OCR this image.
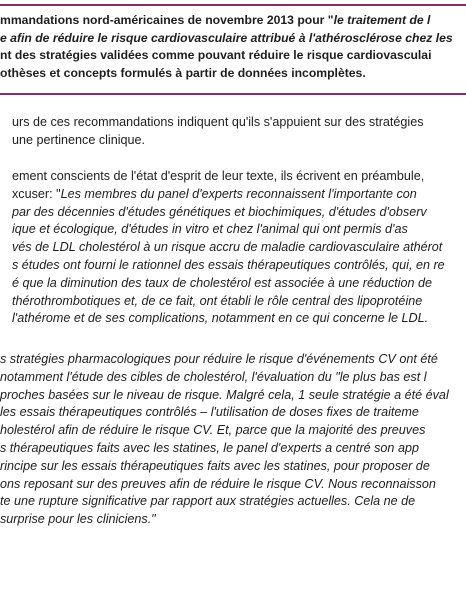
mmandations nord-américaines de novembre 2013 pour "le traitement de l
e afin de réduire le risque cardiovasculaire attribué à l'athérosclérose chez les
nt des stratégies validées comme pouvant réduire le risque cardiovasculai
othèses et concepts formulés à partir de données incomplètes.
urs de ces recommandations indiquent qu'ils s'appuient sur des stratégies
une pertinence clinique.
ement conscients de l'état d'esprit de leur texte, ils écrivent en préambule,
xcuser: "Les membres du panel d'experts reconnaissent l'importante con
par des décennies d'études génétiques et biochimiques, d'études d'observ
ique et écologique, d'études in vitro et chez l'animal qui ont permis d'as
vés de LDL cholestérol à un risque accru de maladie cardiovasculaire athérot
s études ont fourni le rationnel des essais thérapeutiques contrôlés, qui, en re
é que la diminution des taux de cholestérol est associée à une réduction de
thérothrombotiques et, de ce fait, ont établi le rôle central des lipoprotéine
l'athérome et de ses complications, notamment en ce qui concerne le LDL.
s stratégies pharmacologiques pour réduire le risque d'événements CV ont été
notamment l'étude des cibles de cholestérol, l'évaluation du "le plus bas est l
proches basées sur le niveau de risque. Malgré cela, 1 seule stratégie a été éval
les essais thérapeutiques contrôlés – l'utilisation de doses fixes de traiteme
holestérol afin de réduire le risque CV. Et, parce que la majorité des preuves
s thérapeutiques faits avec les statines, le panel d'experts a centré son app
rincipe sur les essais thérapeutiques faits avec les statines, pour proposer de
ons reposant sur des preuves afin de réduire le risque CV. Nous reconnaisson
te une rupture significative par rapport aux stratégies actuelles. Cela ne de
surprise pour les cliniciens."
